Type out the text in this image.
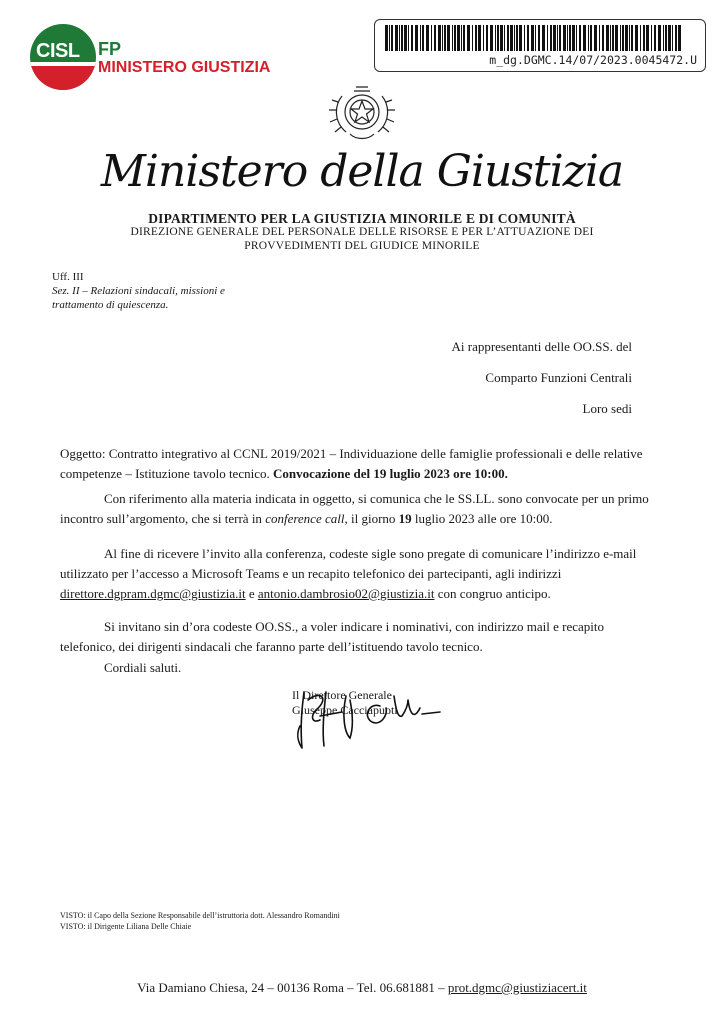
CISL FP
MINISTERO GIUSTIZIA	m_dg.DGMC.14/07/2023.0045472.U
Ministero della Giustizia
DIPARTIMENTO PER LA GIUSTIZIA MINORILE E DI COMUNITÀ
DIREZIONE GENERALE DEL PERSONALE DELLE RISORSE E PER L’ATTUAZIONE DEI
PROVVEDIMENTI DEL GIUDICE MINORILE
Uff. III
Sez. II – Relazioni sindacali, missioni e
trattamento di quiescenza.
Ai rappresentanti delle OO.SS. del
Comparto Funzioni Centrali
Loro sedi
Oggetto: Contratto integrativo al CCNL 2019/2021 – Individuazione delle famiglie professionali e delle relative competenze – Istituzione tavolo tecnico. Convocazione del 19 luglio 2023 ore 10:00.
Con riferimento alla materia indicata in oggetto, si comunica che le SS.LL. sono convocate per un primo incontro sull’argomento, che si terrà in conference call, il giorno 19 luglio 2023 alle ore 10:00.
Al fine di ricevere l’invito alla conferenza, codeste sigle sono pregate di comunicare l’indirizzo e-mail utilizzato per l’accesso a Microsoft Teams e un recapito telefonico dei partecipanti, agli indirizzi direttore.dgpram.dgmc@giustizia.it e antonio.dambrosio02@giustizia.it con congruo anticipo.
Si invitano sin d’ora codeste OO.SS., a voler indicare i nominativi, con indirizzo mail e recapito telefonico, dei dirigenti sindacali che faranno parte dell’istituendo tavolo tecnico.
Cordiali saluti.
Il Direttore Generale
Giuseppe Cacciapuoti
VISTO: il Capo della Sezione Responsabile dell’istruttoria dott. Alessandro Romandini
VISTO: il Dirigente Liliana Delle Chiaie
Via Damiano Chiesa, 24 – 00136 Roma – Tel. 06.681881 – prot.dgmc@giustiziacert.it
